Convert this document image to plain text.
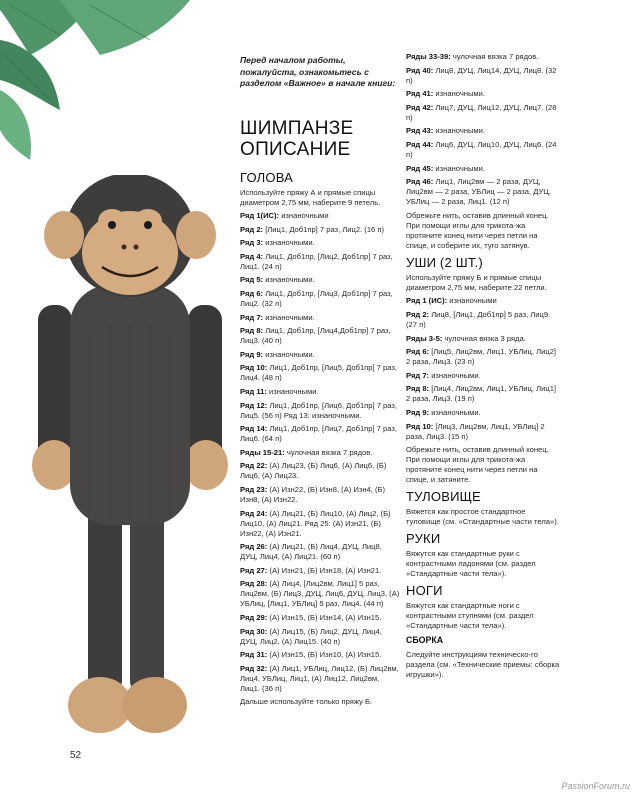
Перед началом работы, пожалуйста, ознакомьтесь с разделом «Важное» в начале книги:

ШИМПАНЗЕ ОПИСАНИЕ
ГОЛОВА

Используйте пряжу А и прямые спицы диаметром 2,75 мм, наберите 9 петель.

Ряд 1(ИС): изнаночными

Ряд 2: [Лиц1, Доб1пр] 7 раз, Лиц2. (16 п)

Ряд 3: изнаночными.

Ряд 4: Лиц1, Доб1пр, [Лиц2, Доб1пр] 7 раз, Лиц1. (24 п)

Ряд 5: изнаночными.

Ряд 6: Лиц1, Доб1пр, [Лиц3, Доб1пр] 7 раз, Лиц2. (32 п)

Ряд 7: изнаночными.

Ряд 8: Лиц1, Доб1пр, [Лиц4,Доб1пр] 7 раз, Лиц3. (40 п)

Ряд 9: изнаночными.

Ряд 10: Лиц1, Доб1пр, [Лиц5, Доб1пр] 7 раз, Лиц4. (48 п)

Ряд 11: изнаночными.

Ряд 12: Лиц1, Доб1пр, [Лиц6, Доб1пр] 7 раз, Лиц5. (56 п) Ряд 13: изнаночными.

Ряд 14: Лиц1, Доб1пр, [Лиц7, Доб1пр] 7 раз, Лиц6. (64 п)

Ряды 15-21: чулочная вязка 7 рядов.

Ряд 22: (А) Лиц23, (Б) Лиц6, (А) Лиц6, (Б) Лиц6, (А) Лиц23.

Ряд 23: (А) Изн22, (Б) Изн8, (А) Изн4, (Б) Изн8, (А) Изн22.

Ряд 24: (А) Лиц21, (Б) Лиц10, (А) Лиц2, (Б) Лиц10, (А) Лиц21. Ряд 25: (А) Изн21, (Б) Изн22, (А) Изн21.

Ряд 26: (А) Лиц21, (Б) Лиц4, ДУЦ, Лиц8, ДУЦ, Лиц4, (А) Лиц21. (60 п)

Ряд 27: (А) Изн21, (Б) Изн18, (А) Изн21.

Ряд 28: (А) Лиц4, [Лиц2вм, Лиц1] 5 раз, Лиц2вм, (Б) Лиц3, ДУЦ, Лиц6, ДУЦ, Лиц3, (А) УБЛиц, [Лиц1, УБЛиц] 5 раз, Лиц4. (44 п)

Ряд 29: (А) Изн15, (Б) Изн14, (А) Изн15.

Ряд 30: (А) Лиц15, (Б) Лиц2, ДУЦ, Лиц4, ДУЦ, Лиц2, (А) Лиц15. (40 п)

Ряд 31: (А) Изн15, (Б) Изн10, (А) Изн15.

Ряд 32: (А) Лиц1, УБЛиц, Лиц12, (Б) Лиц2вм, Лиц4, УБЛиц, Лиц1, (А) Лиц12, Лиц2вм, Лиц1. (36 п)

Дальше используйте только пряжу Б.

Ряды 33-39: чулочная вязка 7 рядов.

Ряд 40: Лиц8, ДУЦ, Лиц14, ДУЦ, Лиц8. (32 п)

Ряд 41: изнаночными.

Ряд 42: Лиц7, ДУЦ, Лиц12, ДУЦ, Лиц7. (28 п)

Ряд 43: изнаночными.

Ряд 44: Лиц6, ДУЦ, Лиц10, ДУЦ, Лиц6. (24 п)

Ряд 45: изнаночными.

Ряд 46: Лиц1, Лиц2вм — 2 раза, ДУЦ, Лиц2вм — 2 раза, УБЛиц — 2 раза, ДУЦ, УБЛиц — 2 раза, Лиц1. (12 п)

Обрежьте нить, оставив длинный конец. При помощи иглы для трикота-жа протяните конец нити через петли на спице, и соберите их, туго затянув.

УШИ (2 ШТ.)

Используйте пряжу Б и прямые спицы диаметром 2,75 мм, наберите 22 петли.

Ряд 1 (ИС): изнаночными

Ряд 2: Лиц8, [Лиц1, Доб1пр] 5 раз, Лиц9. (27 п)

Ряды 3-5: чулочная вязка 3 ряда.

Ряд 6: [Лиц5, Лиц2вм, Лиц1, УБЛиц, Лиц2] 2 раза, Лиц3. (23 п)

Ряд 7: изнаночными.

Ряд 8: [Лиц4, Лиц2вм, Лиц1, УБЛиц, Лиц1] 2 раза, Лиц3. (19 п)

Ряд 9: изнаночными.

Ряд 10: [Лиц3, Лиц2вм, Лиц1, УБЛиц] 2 раза, Лиц3. (15 п)

Обрежьте нить, оставив длинный конец. При помощи иглы для трикота-жа протяните конец нити через петли на спице, и затяните.

ТУЛОВИЩЕ

Вяжется как простое стандартное туловище (см. «Стандартные части тела»).

РУКИ

Вяжутся как стандартные руки с контрастными ладонями (см. раздел «Стандартные части тела»).

НОГИ

Вяжутся как стандартные ноги с контрастными ступнями (см. раздел «Стандартные части тела»).

СБОРКА

Следуйте инструкциям техническо-го раздела (см. «Технические приемы: сборка игрушки»).

52
PassionForum.ru
